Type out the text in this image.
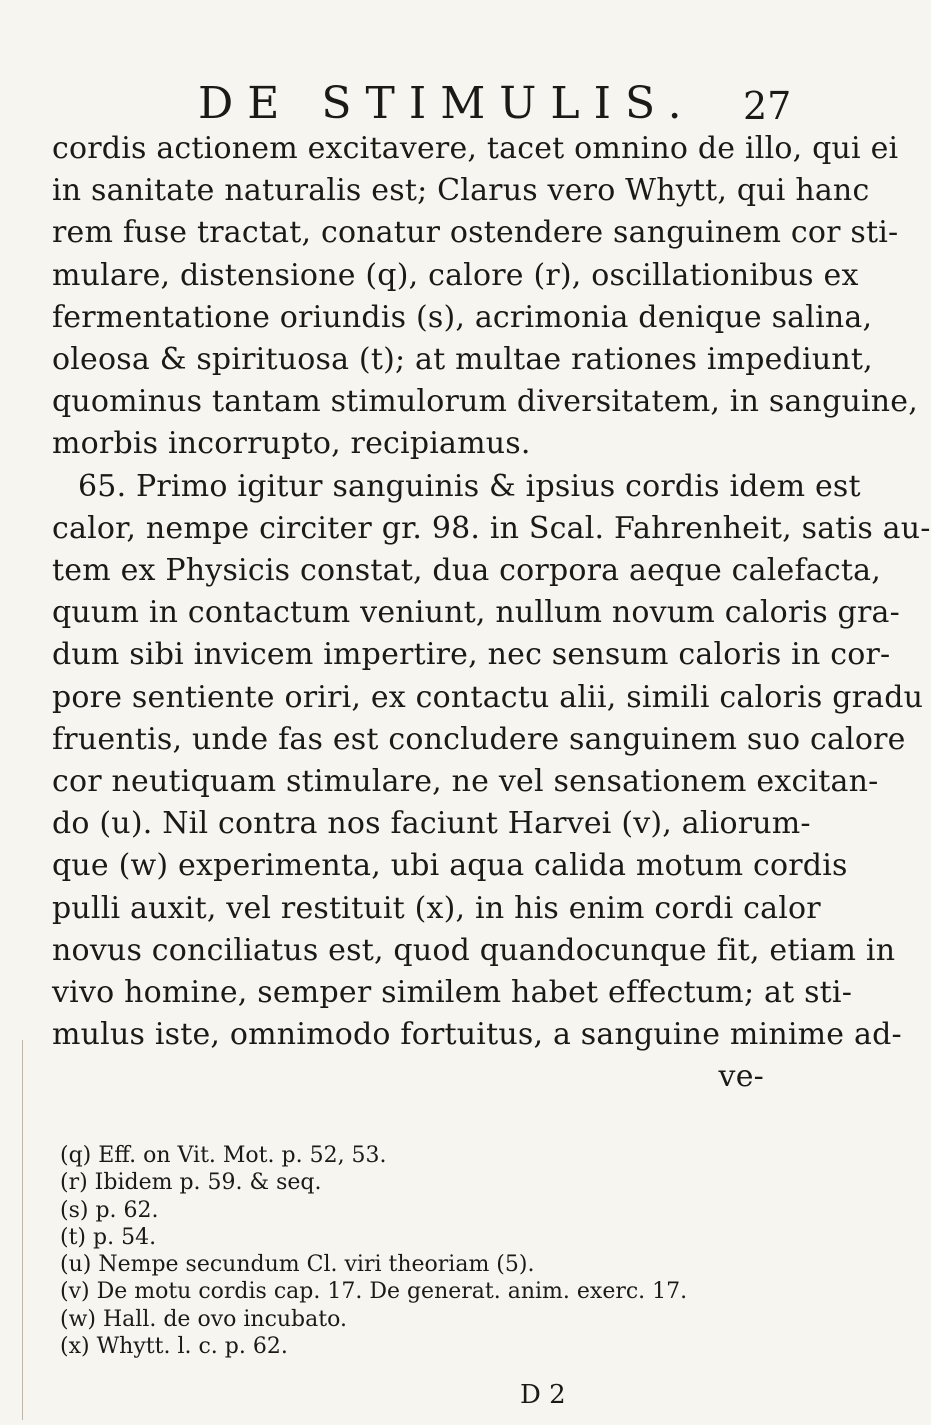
DE STIMULIS. 27
cordis actionem excitavere, tacet omnino de illo, qui ei
in sanitate naturalis est; Clarus vero Whytt, qui hanc
rem fuse tractat, conatur ostendere sanguinem cor sti-
mulare, distensione (q), calore (r), oscillationibus ex
fermentatione oriundis (s), acrimonia denique salina,
oleosa & spirituosa (t); at multae rationes impediunt,
quominus tantam stimulorum diversitatem, in sanguine,
morbis incorrupto, recipiamus.
65. Primo igitur sanguinis & ipsius cordis idem est
calor, nempe circiter gr. 98. in Scal. Fahrenheit, satis au-
tem ex Physicis constat, dua corpora aeque calefacta,
quum in contactum veniunt, nullum novum caloris gra-
dum sibi invicem impertire, nec sensum caloris in cor-
pore sentiente oriri, ex contactu alii, simili caloris gradu
fruentis, unde fas est concludere sanguinem suo calore
cor neutiquam stimulare, ne vel sensationem excitan-
do (u). Nil contra nos faciunt Harvei (v), aliorum-
que (w) experimenta, ubi aqua calida motum cordis
pulli auxit, vel restituit (x), in his enim cordi calor
novus conciliatus est, quod quandocunque fit, etiam in
vivo homine, semper similem habet effectum; at sti-
mulus iste, omnimodo fortuitus, a sanguine minime ad-
ve-
(q) Eff. on Vit. Mot. p. 52, 53.
(r) Ibidem p. 59. & seq.
(s) p. 62.
(t) p. 54.
(u) Nempe secundum Cl. viri theoriam (5).
(v) De motu cordis cap. 17. De generat. anim. exerc. 17.
(w) Hall. de ovo incubato.
(x) Whytt. l. c. p. 62.
D 2
